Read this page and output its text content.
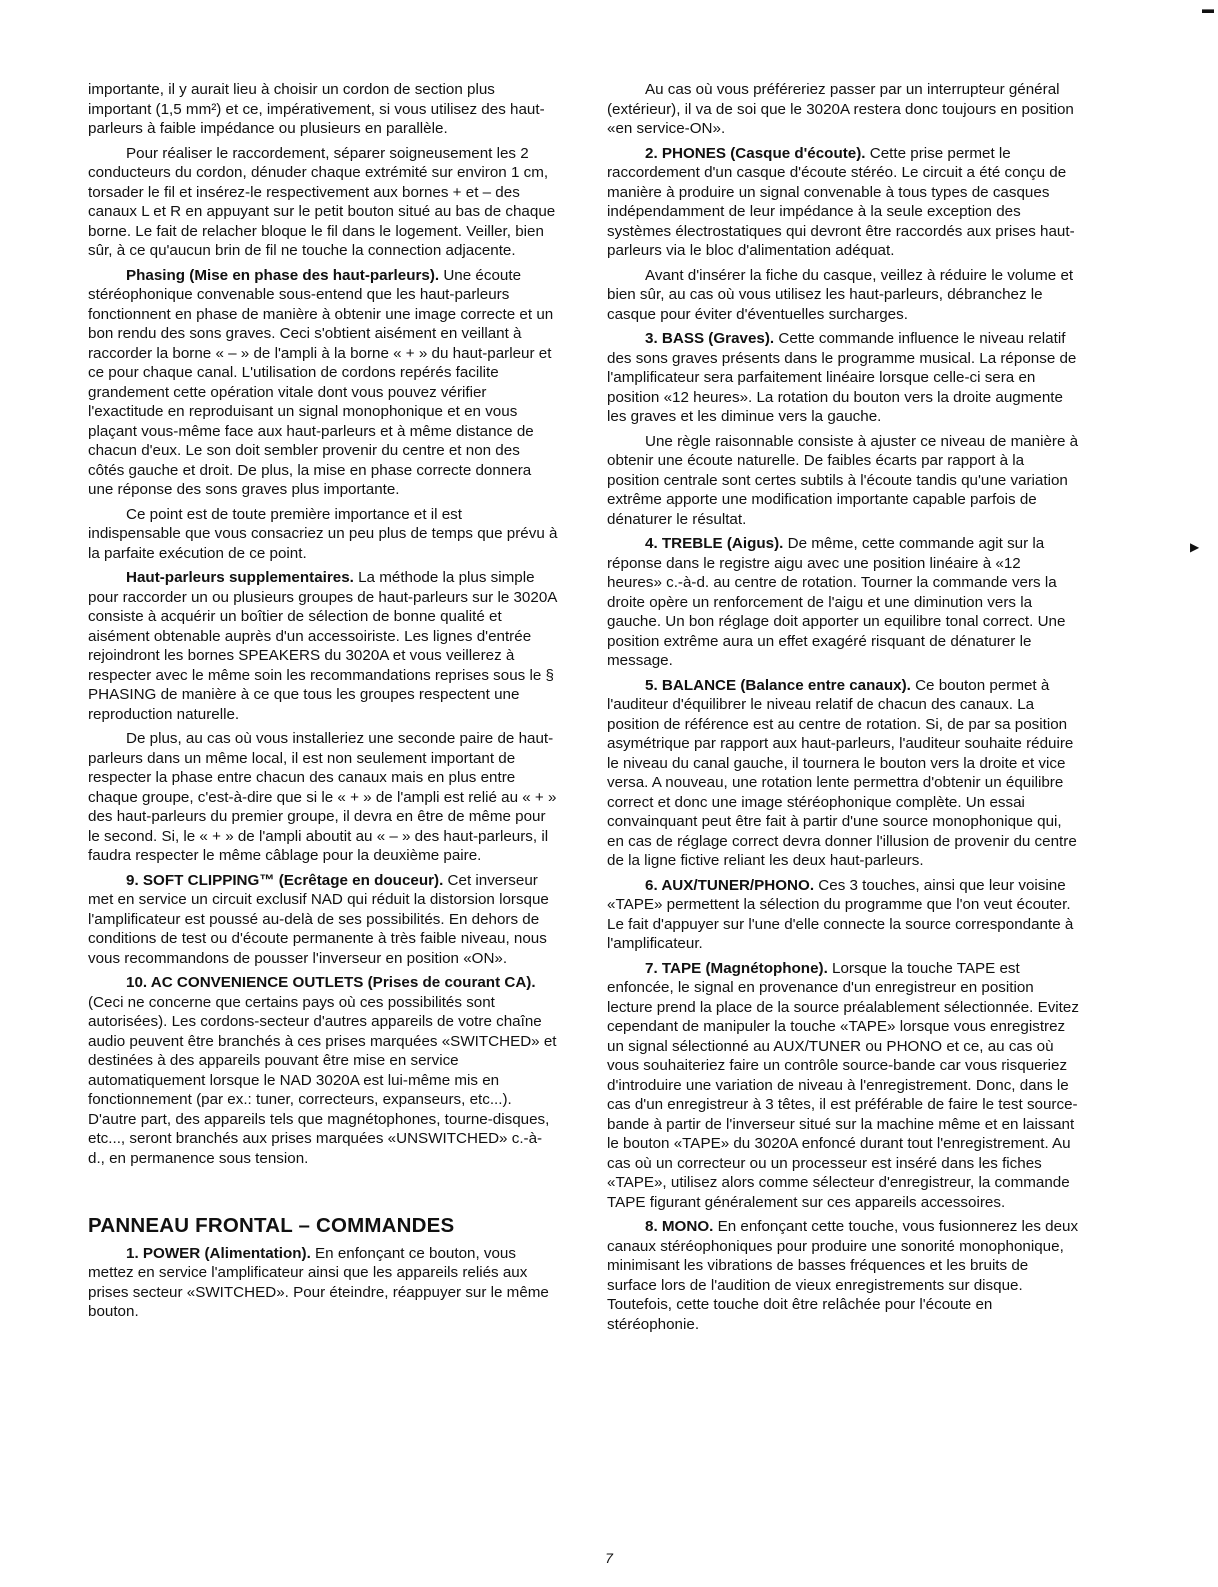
▬
▶

importante, il y aurait lieu à choisir un cordon de section plus important (1,5 mm²) et ce, impérativement, si vous utilisez des haut-parleurs à faible impédance ou plusieurs en parallèle.

Pour réaliser le raccordement, séparer soigneusement les 2 conducteurs du cordon, dénuder chaque extrémité sur environ 1 cm, torsader le fil et insérez-le respectivement aux bornes + et – des canaux L et R en appuyant sur le petit bouton situé au bas de chaque borne. Le fait de relacher bloque le fil dans le logement. Veiller, bien sûr, à ce qu'aucun brin de fil ne touche la connection adjacente.

Phasing (Mise en phase des haut-parleurs). Une écoute stéréophonique convenable sous-entend que les haut-parleurs fonctionnent en phase de manière à obtenir une image correcte et un bon rendu des sons graves. Ceci s'obtient aisément en veillant à raccorder la borne « – » de l'ampli à la borne « + » du haut-parleur et ce pour chaque canal. L'utilisation de cordons repérés facilite grandement cette opération vitale dont vous pouvez vérifier l'exactitude en reproduisant un signal monophonique et en vous plaçant vous-même face aux haut-parleurs et à même distance de chacun d'eux. Le son doit sembler provenir du centre et non des côtés gauche et droit. De plus, la mise en phase correcte donnera une réponse des sons graves plus importante.

Ce point est de toute première importance et il est indispensable que vous consacriez un peu plus de temps que prévu à la parfaite exécution de ce point.

Haut-parleurs supplementaires. La méthode la plus simple pour raccorder un ou plusieurs groupes de haut-parleurs sur le 3020A consiste à acquérir un boîtier de sélection de bonne qualité et aisément obtenable auprès d'un accessoiriste. Les lignes d'entrée rejoindront les bornes SPEAKERS du 3020A et vous veillerez à respecter avec le même soin les recommandations reprises sous le § PHASING de manière à ce que tous les groupes respectent une reproduction naturelle.

De plus, au cas où vous installeriez une seconde paire de haut-parleurs dans un même local, il est non seulement important de respecter la phase entre chacun des canaux mais en plus entre chaque groupe, c'est-à-dire que si le « + » de l'ampli est relié au « + » des haut-parleurs du premier groupe, il devra en être de même pour le second. Si, le « + » de l'ampli aboutit au « – » des haut-parleurs, il faudra respecter le même câblage pour la deuxième paire.

9. SOFT CLIPPING™ (Ecrêtage en douceur). Cet inverseur met en service un circuit exclusif NAD qui réduit la distorsion lorsque l'amplificateur est poussé au-delà de ses possibilités. En dehors de conditions de test ou d'écoute permanente à très faible niveau, nous vous recommandons de pousser l'inverseur en position «ON».

10. AC CONVENIENCE OUTLETS (Prises de courant CA). (Ceci ne concerne que certains pays où ces possibilités sont autorisées). Les cordons-secteur d'autres appareils de votre chaîne audio peuvent être branchés à ces prises marquées «SWITCHED» et destinées à des appareils pouvant être mise en service automatiquement lorsque le NAD 3020A est lui-même mis en fonctionnement (par ex.: tuner, correcteurs, expanseurs, etc...). D'autre part, des appareils tels que magnétophones, tourne-disques, etc..., seront branchés aux prises marquées «UNSWITCHED» c.-à-d., en permanence sous tension.

PANNEAU FRONTAL – COMMANDES

1. POWER (Alimentation). En enfonçant ce bouton, vous mettez en service l'amplificateur ainsi que les appareils reliés aux prises secteur «SWITCHED». Pour éteindre, réappuyer sur le même bouton.

Au cas où vous préféreriez passer par un interrupteur général (extérieur), il va de soi que le 3020A restera donc toujours en position «en service-ON».

2. PHONES (Casque d'écoute). Cette prise permet le raccordement d'un casque d'écoute stéréo. Le circuit a été conçu de manière à produire un signal convenable à tous types de casques indépendamment de leur impédance à la seule exception des systèmes électrostatiques qui devront être raccordés aux prises haut-parleurs via le bloc d'alimentation adéquat.

Avant d'insérer la fiche du casque, veillez à réduire le volume et bien sûr, au cas où vous utilisez les haut-parleurs, débranchez le casque pour éviter d'éventuelles surcharges.

3. BASS (Graves). Cette commande influence le niveau relatif des sons graves présents dans le programme musical. La réponse de l'amplificateur sera parfaitement linéaire lorsque celle-ci sera en position «12 heures». La rotation du bouton vers la droite augmente les graves et les diminue vers la gauche.

Une règle raisonnable consiste à ajuster ce niveau de manière à obtenir une écoute naturelle. De faibles écarts par rapport à la position centrale sont certes subtils à l'écoute tandis qu'une variation extrême apporte une modification importante capable parfois de dénaturer le résultat.

4. TREBLE (Aigus). De même, cette commande agit sur la réponse dans le registre aigu avec une position linéaire à «12 heures» c.-à-d. au centre de rotation. Tourner la commande vers la droite opère un renforcement de l'aigu et une diminution vers la gauche. Un bon réglage doit apporter un equilibre tonal correct. Une position extrême aura un effet exagéré risquant de dénaturer le message.

5. BALANCE (Balance entre canaux). Ce bouton permet à l'auditeur d'équilibrer le niveau relatif de chacun des canaux. La position de référence est au centre de rotation. Si, de par sa position asymétrique par rapport aux haut-parleurs, l'auditeur souhaite réduire le niveau du canal gauche, il tournera le bouton vers la droite et vice versa. A nouveau, une rotation lente permettra d'obtenir un équilibre correct et donc une image stéréophonique complète. Un essai convainquant peut être fait à partir d'une source monophonique qui, en cas de réglage correct devra donner l'illusion de provenir du centre de la ligne fictive reliant les deux haut-parleurs.

6. AUX/TUNER/PHONO. Ces 3 touches, ainsi que leur voisine «TAPE» permettent la sélection du programme que l'on veut écouter. Le fait d'appuyer sur l'une d'elle connecte la source correspondante à l'amplificateur.

7. TAPE (Magnétophone). Lorsque la touche TAPE est enfoncée, le signal en provenance d'un enregistreur en position lecture prend la place de la source préalablement sélectionnée. Evitez cependant de manipuler la touche «TAPE» lorsque vous enregistrez un signal sélectionné au AUX/TUNER ou PHONO et ce, au cas où vous souhaiteriez faire un contrôle source-bande car vous risqueriez d'introduire une variation de niveau à l'enregistrement. Donc, dans le cas d'un enregistreur à 3 têtes, il est préférable de faire le test source-bande à partir de l'inverseur situé sur la machine même et en laissant le bouton «TAPE» du 3020A enfoncé durant tout l'enregistrement. Au cas où un correcteur ou un processeur est inséré dans les fiches «TAPE», utilisez alors comme sélecteur d'enregistreur, la commande TAPE figurant généralement sur ces appareils accessoires.

8. MONO. En enfonçant cette touche, vous fusionnerez les deux canaux stéréophoniques pour produire une sonorité monophonique, minimisant les vibrations de basses fréquences et les bruits de surface lors de l'audition de vieux enregistrements sur disque. Toutefois, cette touche doit être relâchée pour l'écoute en stéréophonie.

7
